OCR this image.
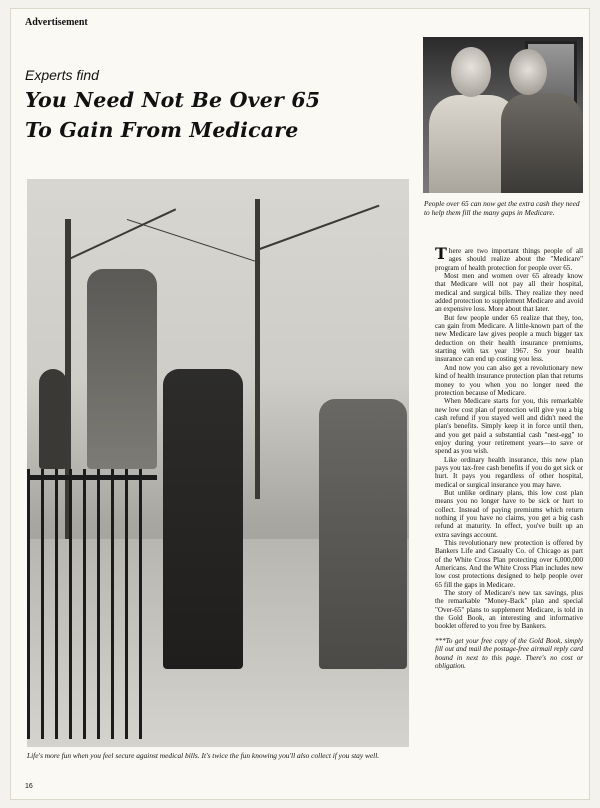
Advertisement
Experts find
You Need Not Be Over 65
To Gain From Medicare
People over 65 can now get the extra cash they need to help them fill the many gaps in Medicare.
Life's more fun when you feel secure against medical bills. It's twice the fun knowing you'll also collect if you stay well.

There are two important things people of all ages should realize about the "Medicare" program of health protection for people over 65.

Most men and women over 65 already know that Medicare will not pay all their hospital, medical and surgical bills. They realize they need added protection to supplement Medicare and avoid an expensive loss. More about that later.

But few people under 65 realize that they, too, can gain from Medicare. A little-known part of the new Medicare law gives people a much bigger tax deduction on their health insurance premiums, starting with tax year 1967. So your health insurance can end up costing you less.

And now you can also get a revolutionary new kind of health insurance protection plan that returns money to you when you no longer need the protection because of Medicare.

When Medicare starts for you, this remarkable new low cost plan of protection will give you a big cash refund if you stayed well and didn't need the plan's benefits. Simply keep it in force until then, and you get paid a substantial cash "nest-egg" to enjoy during your retirement years—to save or spend as you wish.

Like ordinary health insurance, this new plan pays you tax-free cash benefits if you do get sick or hurt. It pays you regardless of other hospital, medical or surgical insurance you may have.

But unlike ordinary plans, this low cost plan means you no longer have to be sick or hurt to collect. Instead of paying premiums which return nothing if you have no claims, you get a big cash refund at maturity. In effect, you've built up an extra savings account.

This revolutionary new protection is offered by Bankers Life and Casualty Co. of Chicago as part of the White Cross Plan protecting over 6,000,000 Americans. And the White Cross Plan includes new low cost protections designed to help people over 65 fill the gaps in Medicare.

The story of Medicare's new tax savings, plus the remarkable "Money-Back" plan and special "Over-65" plans to supplement Medicare, is told in the Gold Book, an interesting and informative booklet offered to you free by Bankers.

***To get your free copy of the Gold Book, simply fill out and mail the postage-free airmail reply card bound in next to this page. There's no cost or obligation.

16
